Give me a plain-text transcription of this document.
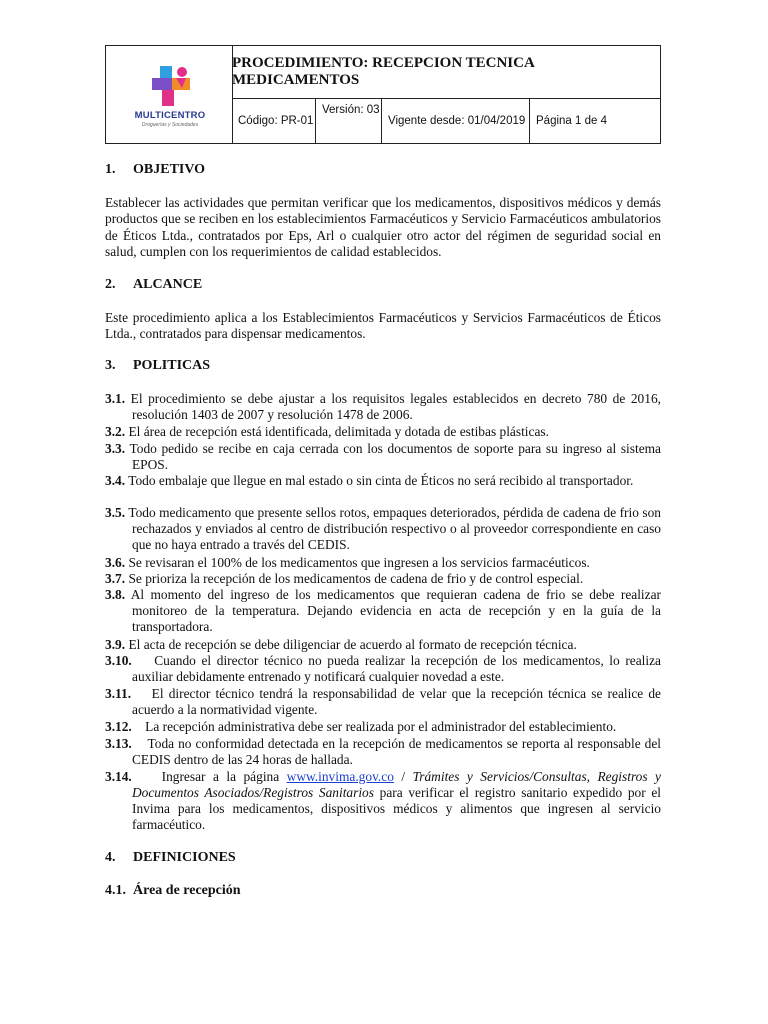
MULTICENTRO
Droguerías y Sociedades
PROCEDIMIENTO: RECEPCION TECNICA MEDICAMENTOS
Código: PR-01
Versión: 03
Vigente desde: 01/04/2019 Página 1 de 4
1. OBJETIVO
Establecer las actividades que permitan verificar que los medicamentos, dispositivos médicos y demás productos que se reciben en los establecimientos Farmacéuticos y Servicio Farmacéuticos ambulatorios de Éticos Ltda., contratados por Eps, Arl o cualquier otro actor del régimen de seguridad social en salud, cumplen con los requerimientos de calidad establecidos.
2. ALCANCE
Este procedimiento aplica a los Establecimientos Farmacéuticos y Servicios Farmacéuticos de Éticos Ltda., contratados para dispensar medicamentos.
3. POLITICAS
3.1. El procedimiento se debe ajustar a los requisitos legales establecidos en decreto 780 de 2016, resolución 1403 de 2007 y resolución 1478 de 2006.
3.2. El área de recepción está identificada, delimitada y dotada de estibas plásticas.
3.3. Todo pedido se recibe en caja cerrada con los documentos de soporte para su ingreso al sistema EPOS.
3.4. Todo embalaje que llegue en mal estado o sin cinta de Éticos no será recibido al transportador.
3.5. Todo medicamento que presente sellos rotos, empaques deteriorados, pérdida de cadena de frio son rechazados y enviados al centro de distribución respectivo o al proveedor correspondiente en caso que no haya entrado a través del CEDIS.
3.6. Se revisaran el 100% de los medicamentos que ingresen a los servicios farmacéuticos.
3.7. Se prioriza la recepción de los medicamentos de cadena de frio y de control especial.
3.8. Al momento del ingreso de los medicamentos que requieran cadena de frio se debe realizar monitoreo de la temperatura. Dejando evidencia en acta de recepción y en la guía de la transportadora.
3.9. El acta de recepción se debe diligenciar de acuerdo al formato de recepción técnica.
3.10. Cuando el director técnico no pueda realizar la recepción de los medicamentos, lo realiza auxiliar debidamente entrenado y notificará cualquier novedad a este.
3.11. El director técnico tendrá la responsabilidad de velar que la recepción técnica se realice de acuerdo a la normatividad vigente.
3.12. La recepción administrativa debe ser realizada por el administrador del establecimiento.
3.13. Toda no conformidad detectada en la recepción de medicamentos se reporta al responsable del CEDIS dentro de las 24 horas de hallada.
3.14. Ingresar a la página www.invima.gov.co / Trámites y Servicios/Consultas, Registros y Documentos Asociados/Registros Sanitarios para verificar el registro sanitario expedido por el Invima para los medicamentos, dispositivos médicos y alimentos que ingresen al servicio farmacéutico.
4. DEFINICIONES
4.1. Área de recepción
